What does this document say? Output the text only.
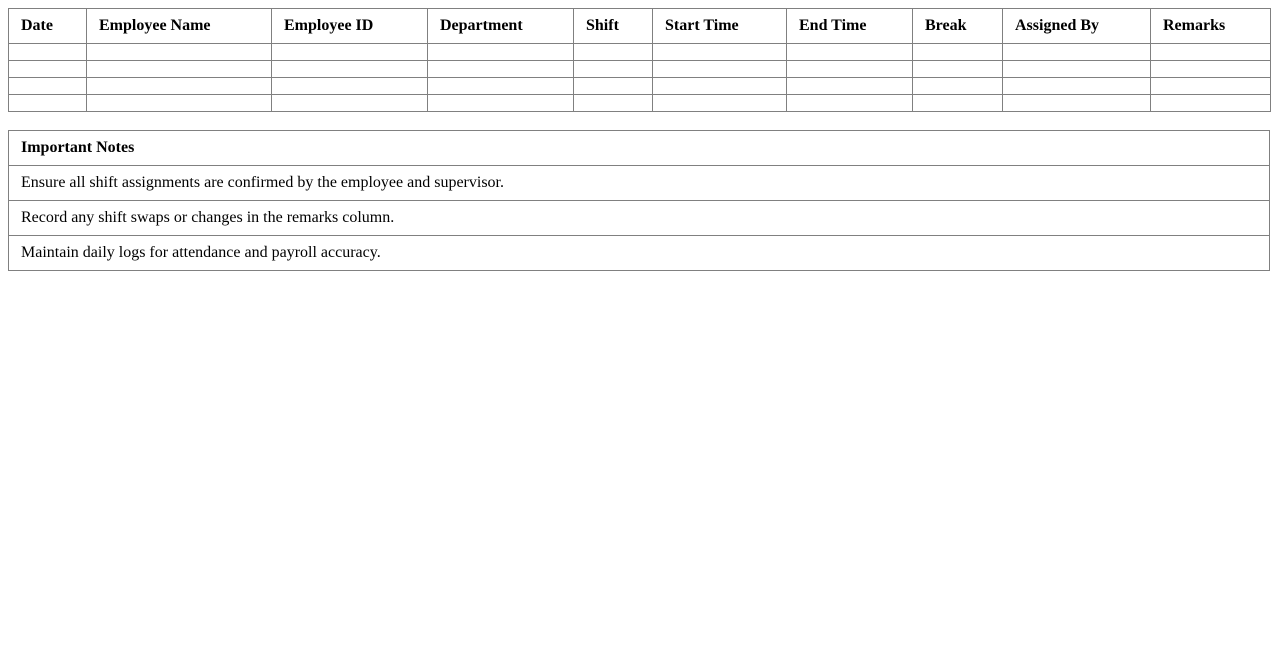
Date	Employee Name	Employee ID	Department	Shift	Start Time	End Time	Break	Assigned By	Remarks

Important Notes
Ensure all shift assignments are confirmed by the employee and supervisor.
Record any shift swaps or changes in the remarks column.
Maintain daily logs for attendance and payroll accuracy.
